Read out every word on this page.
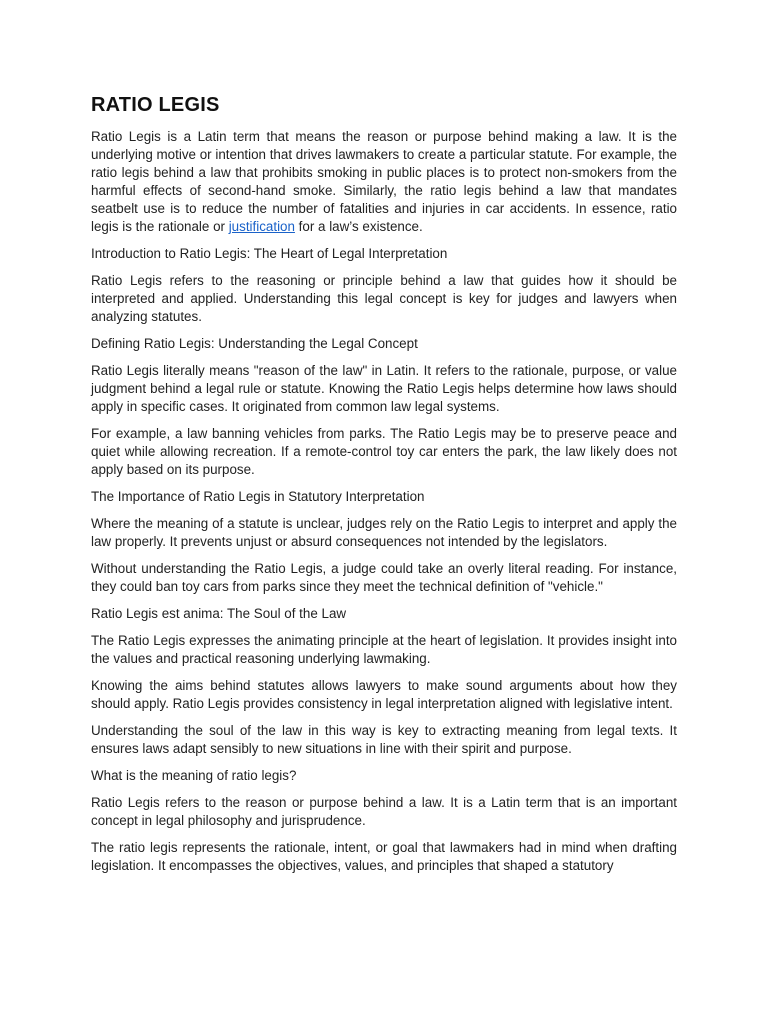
RATIO LEGIS

Ratio Legis is a Latin term that means the reason or purpose behind making a law. It is the underlying motive or intention that drives lawmakers to create a particular statute. For example, the ratio legis behind a law that prohibits smoking in public places is to protect non-smokers from the harmful effects of second-hand smoke. Similarly, the ratio legis behind a law that mandates seatbelt use is to reduce the number of fatalities and injuries in car accidents. In essence, ratio legis is the rationale or justification for a law’s existence.

Introduction to Ratio Legis: The Heart of Legal Interpretation

Ratio Legis refers to the reasoning or principle behind a law that guides how it should be interpreted and applied. Understanding this legal concept is key for judges and lawyers when analyzing statutes.

Defining Ratio Legis: Understanding the Legal Concept

Ratio Legis literally means "reason of the law" in Latin. It refers to the rationale, purpose, or value judgment behind a legal rule or statute. Knowing the Ratio Legis helps determine how laws should apply in specific cases. It originated from common law legal systems.

For example, a law banning vehicles from parks. The Ratio Legis may be to preserve peace and quiet while allowing recreation. If a remote-control toy car enters the park, the law likely does not apply based on its purpose.

The Importance of Ratio Legis in Statutory Interpretation

Where the meaning of a statute is unclear, judges rely on the Ratio Legis to interpret and apply the law properly. It prevents unjust or absurd consequences not intended by the legislators.

Without understanding the Ratio Legis, a judge could take an overly literal reading. For instance, they could ban toy cars from parks since they meet the technical definition of "vehicle."

Ratio Legis est anima: The Soul of the Law

The Ratio Legis expresses the animating principle at the heart of legislation. It provides insight into the values and practical reasoning underlying lawmaking.

Knowing the aims behind statutes allows lawyers to make sound arguments about how they should apply. Ratio Legis provides consistency in legal interpretation aligned with legislative intent.

Understanding the soul of the law in this way is key to extracting meaning from legal texts. It ensures laws adapt sensibly to new situations in line with their spirit and purpose.

What is the meaning of ratio legis?

Ratio Legis refers to the reason or purpose behind a law. It is a Latin term that is an important concept in legal philosophy and jurisprudence.

The ratio legis represents the rationale, intent, or goal that lawmakers had in mind when drafting legislation. It encompasses the objectives, values, and principles that shaped a statutory
